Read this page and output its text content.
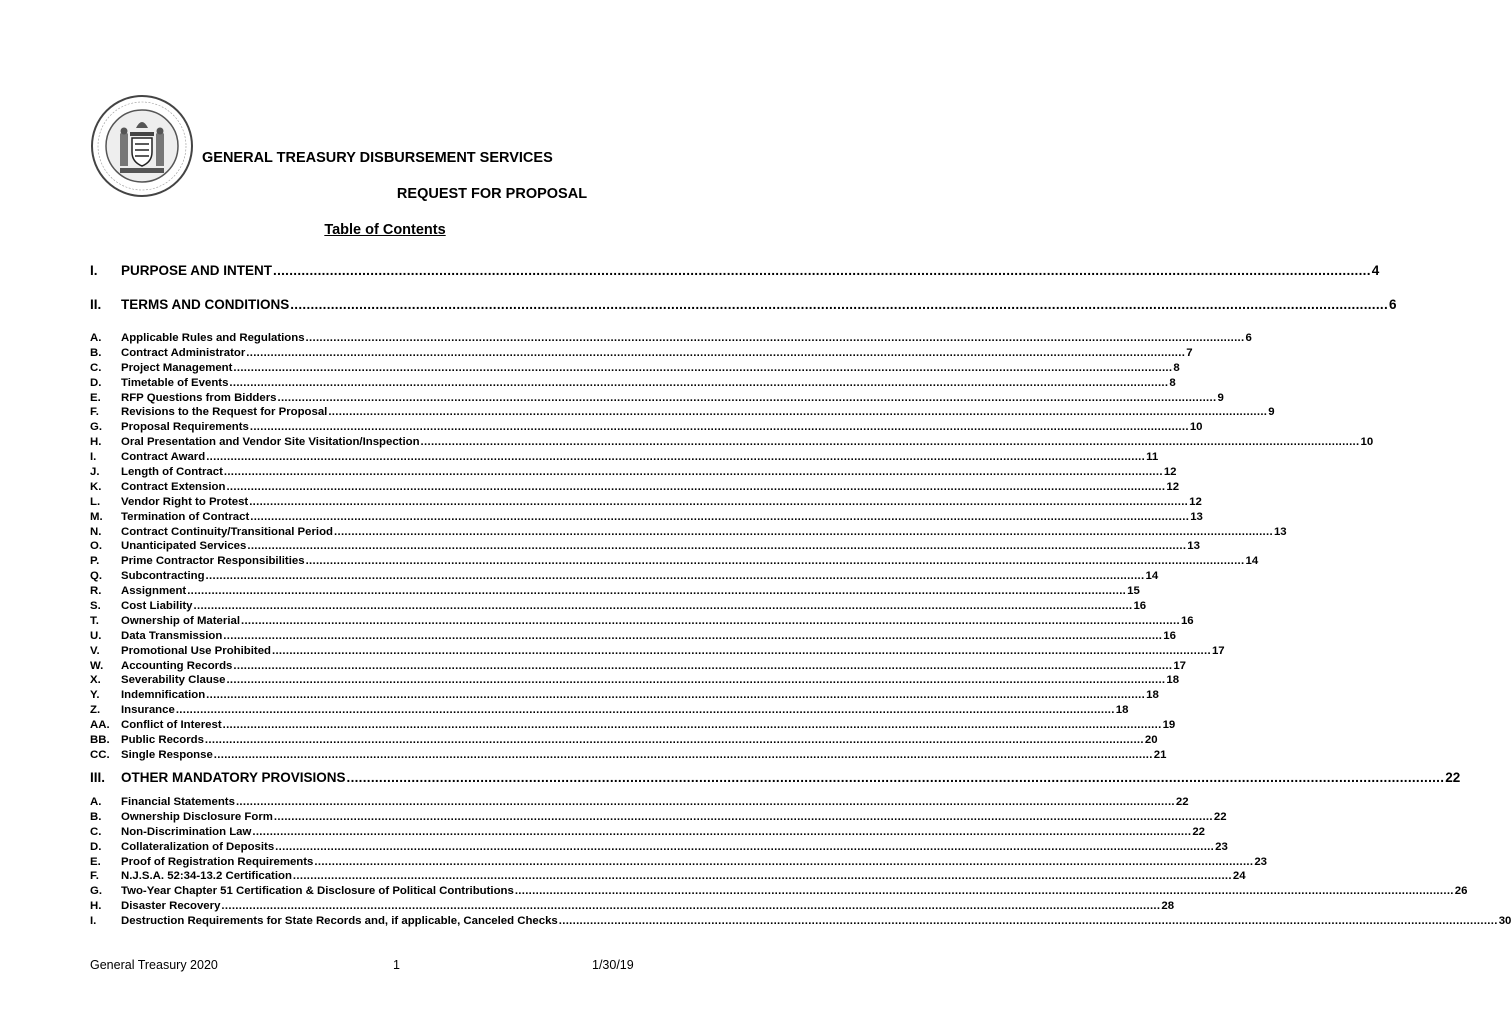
GENERAL TREASURY DISBURSEMENT SERVICES
REQUEST FOR PROPOSAL
Table of Contents
I.	PURPOSE AND INTENT .....	4
II.	TERMS AND CONDITIONS .....	6
A.	Applicable Rules and Regulations .....	6
B.	Contract Administrator .....	7
C.	Project Management .....	8
D.	Timetable of Events .....	8
E.	RFP Questions from Bidders .....	9
F.	Revisions to the Request for Proposal .....	9
G.	Proposal Requirements .....	10
H.	Oral Presentation and Vendor Site Visitation/Inspection .....	10
I.	Contract Award .....	11
J.	Length of Contract .....	12
K.	Contract Extension .....	12
L.	Vendor Right to Protest .....	12
M.	Termination of Contract .....	13
N.	Contract Continuity/Transitional Period .....	13
O.	Unanticipated Services .....	13
P.	Prime Contractor Responsibilities .....	14
Q.	Subcontracting .....	14
R.	Assignment .....	15
S.	Cost Liability .....	16
T.	Ownership of Material .....	16
U.	Data Transmission .....	16
V.	Promotional Use Prohibited .....	17
W.	Accounting Records .....	17
X.	Severability Clause .....	18
Y.	Indemnification .....	18
Z.	Insurance .....	18
AA. Conflict of Interest .....	19
BB. Public Records .....	20
CC. Single Response .....	21
III.	OTHER MANDATORY PROVISIONS .....	22
A.	Financial Statements .....	22
B.	Ownership Disclosure Form .....	22
C.	Non-Discrimination Law .....	22
D.	Collateralization of Deposits .....	23
E.	Proof of Registration Requirements .....	23
F.	N.J.S.A. 52:34-13.2 Certification .....	24
G.	Two-Year Chapter 51 Certification & Disclosure of Political Contributions .....	26
H.	Disaster Recovery .....	28
I.	Destruction Requirements for State Records and, if applicable, Canceled Checks .....	30
General Treasury 2020	1	1/30/19
